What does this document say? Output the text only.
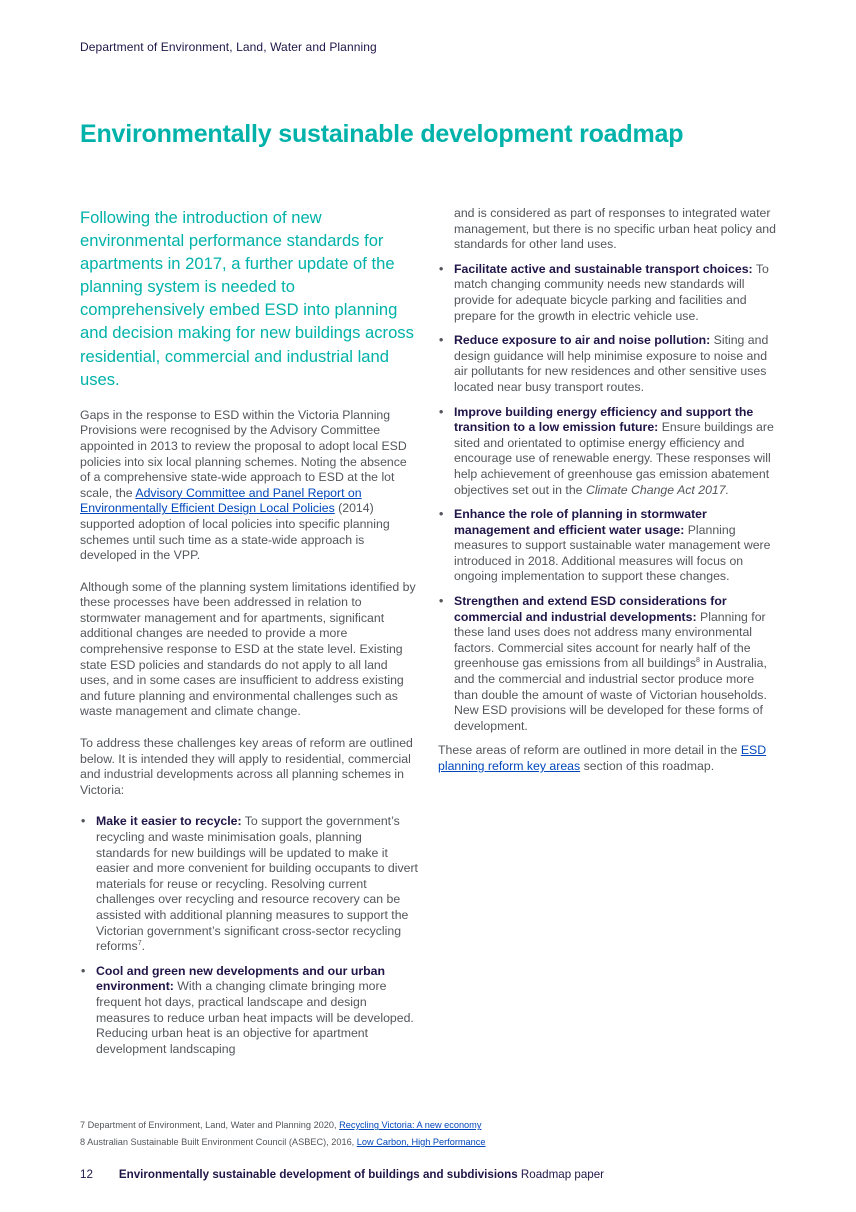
Department of Environment, Land, Water and Planning
Environmentally sustainable development roadmap

Following the introduction of new environmental performance standards for apartments in 2017, a further update of the planning system is needed to comprehensively embed ESD into planning and decision making for new buildings across residential, commercial and industrial land uses.

Gaps in the response to ESD within the Victoria Planning Provisions were recognised by the Advisory Committee appointed in 2013 to review the proposal to adopt local ESD policies into six local planning schemes. Noting the absence of a comprehensive state-wide approach to ESD at the lot scale, the Advisory Committee and Panel Report on Environmentally Efficient Design Local Policies (2014) supported adoption of local policies into specific planning schemes until such time as a state-wide approach is developed in the VPP.

Although some of the planning system limitations identified by these processes have been addressed in relation to stormwater management and for apartments, significant additional changes are needed to provide a more comprehensive response to ESD at the state level. Existing state ESD policies and standards do not apply to all land uses, and in some cases are insufficient to address existing and future planning and environmental challenges such as waste management and climate change.

To address these challenges key areas of reform are outlined below. It is intended they will apply to residential, commercial and industrial developments across all planning schemes in Victoria:

• Make it easier to recycle: To support the government’s recycling and waste minimisation goals, planning standards for new buildings will be updated to make it easier and more convenient for building occupants to divert materials for reuse or recycling. Resolving current challenges over recycling and resource recovery can be assisted with additional planning measures to support the Victorian government’s significant cross-sector recycling reforms$^7$.
• Cool and green new developments and our urban environment: With a changing climate bringing more frequent hot days, practical landscape and design measures to reduce urban heat impacts will be developed. Reducing urban heat is an objective for apartment development landscaping

and is considered as part of responses to integrated water management, but there is no specific urban heat policy and standards for other land uses.

• Facilitate active and sustainable transport choices: To match changing community needs new standards will provide for adequate bicycle parking and facilities and prepare for the growth in electric vehicle use.
• Reduce exposure to air and noise pollution: Siting and design guidance will help minimise exposure to noise and air pollutants for new residences and other sensitive uses located near busy transport routes.
• Improve building energy efficiency and support the transition to a low emission future: Ensure buildings are sited and orientated to optimise energy efficiency and encourage use of renewable energy. These responses will help achievement of greenhouse gas emission abatement objectives set out in the Climate Change Act 2017.
• Enhance the role of planning in stormwater management and efficient water usage: Planning measures to support sustainable water management were introduced in 2018. Additional measures will focus on ongoing implementation to support these changes.
• Strengthen and extend ESD considerations for commercial and industrial developments: Planning for these land uses does not address many environmental factors. Commercial sites account for nearly half of the greenhouse gas emissions from all buildings$^8$ in Australia, and the commercial and industrial sector produce more than double the amount of waste of Victorian households. New ESD provisions will be developed for these forms of development.

These areas of reform are outlined in more detail in the ESD planning reform key areas section of this roadmap.

7 Department of Environment, Land, Water and Planning 2020, Recycling Victoria: A new economy
8 Australian Sustainable Built Environment Council (ASBEC), 2016, Low Carbon, High Performance
12 Environmentally sustainable development of buildings and subdivisions Roadmap paper
